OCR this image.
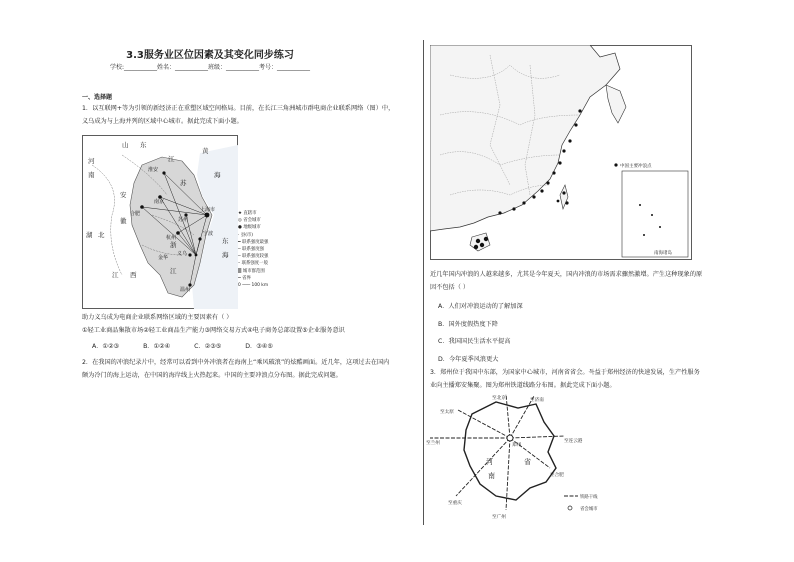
3.3服务业区位因素及其变化同步练习
学校:___________姓名：___________班级：___________考号：___________
一、选择题
1．以互联网+等为引领的新经济正在重塑区域空间格局。目前，在长江三角洲城市群电商企业联系网络（图）中，
义乌成为与上海并列的区域中心城市。据此完成下面小题。
山 东
黄
海
河
南
安
徽
江
苏
浙
江
湖 北
江 西
东
海
淮安
南京
合肥
苏州
上海市
杭州
宁波
金华
义乌
温州
★ 直辖市
◎ 省会城市
● 地级城市
· 县(市)
━ 联系强度最强
─ 联系强度强
─ 联系强度较强
– 联系强度一般
▒ 城市群范围
┅ 省界
0 ─── 100 km
助力义乌成为电商企业联系网络区域的主要因素有（ ）
①轻工业商品集散市场②轻工业商品生产能力③网络交易方式④电子商务总部设置⑤企业服务意识
A．①②③	B．①②④	C．②③⑤	D．③④⑤
2．在我国的冲浪纪录片中，经常可以看到中外冲浪者在海南上“乘风破浪”的炫酷画面。近几年，这项过去在国内
颇为冷门的海上运动，在中国的海岸线上火热起来。中国的主要冲浪点分布图。据此完成问题。
南海诸岛
中国主要冲浪点
近几年国内冲浪的人越来越多，尤其是今年夏天，国内冲浪的市场需求骤然激增。产生这种现象的原
因不包括（ ）
A．人们对冲浪运动的了解加深
B．国外度假热度下降
C．我国国民生活水平提高
D．今年夏季风浪更大
3．郑州位于我国中东部，为国家中心城市，河南省省会。득益于郑州经济的快速发展，生产性服务
业向主播郑安集聚。图为郑州铁道线路分布图。据此完成下面小题。
至北京	至济南
至太原
至连云港
至兰州
至合肥
至重庆
至广州
郑州
河
南
省
铁路干线
省会城市
